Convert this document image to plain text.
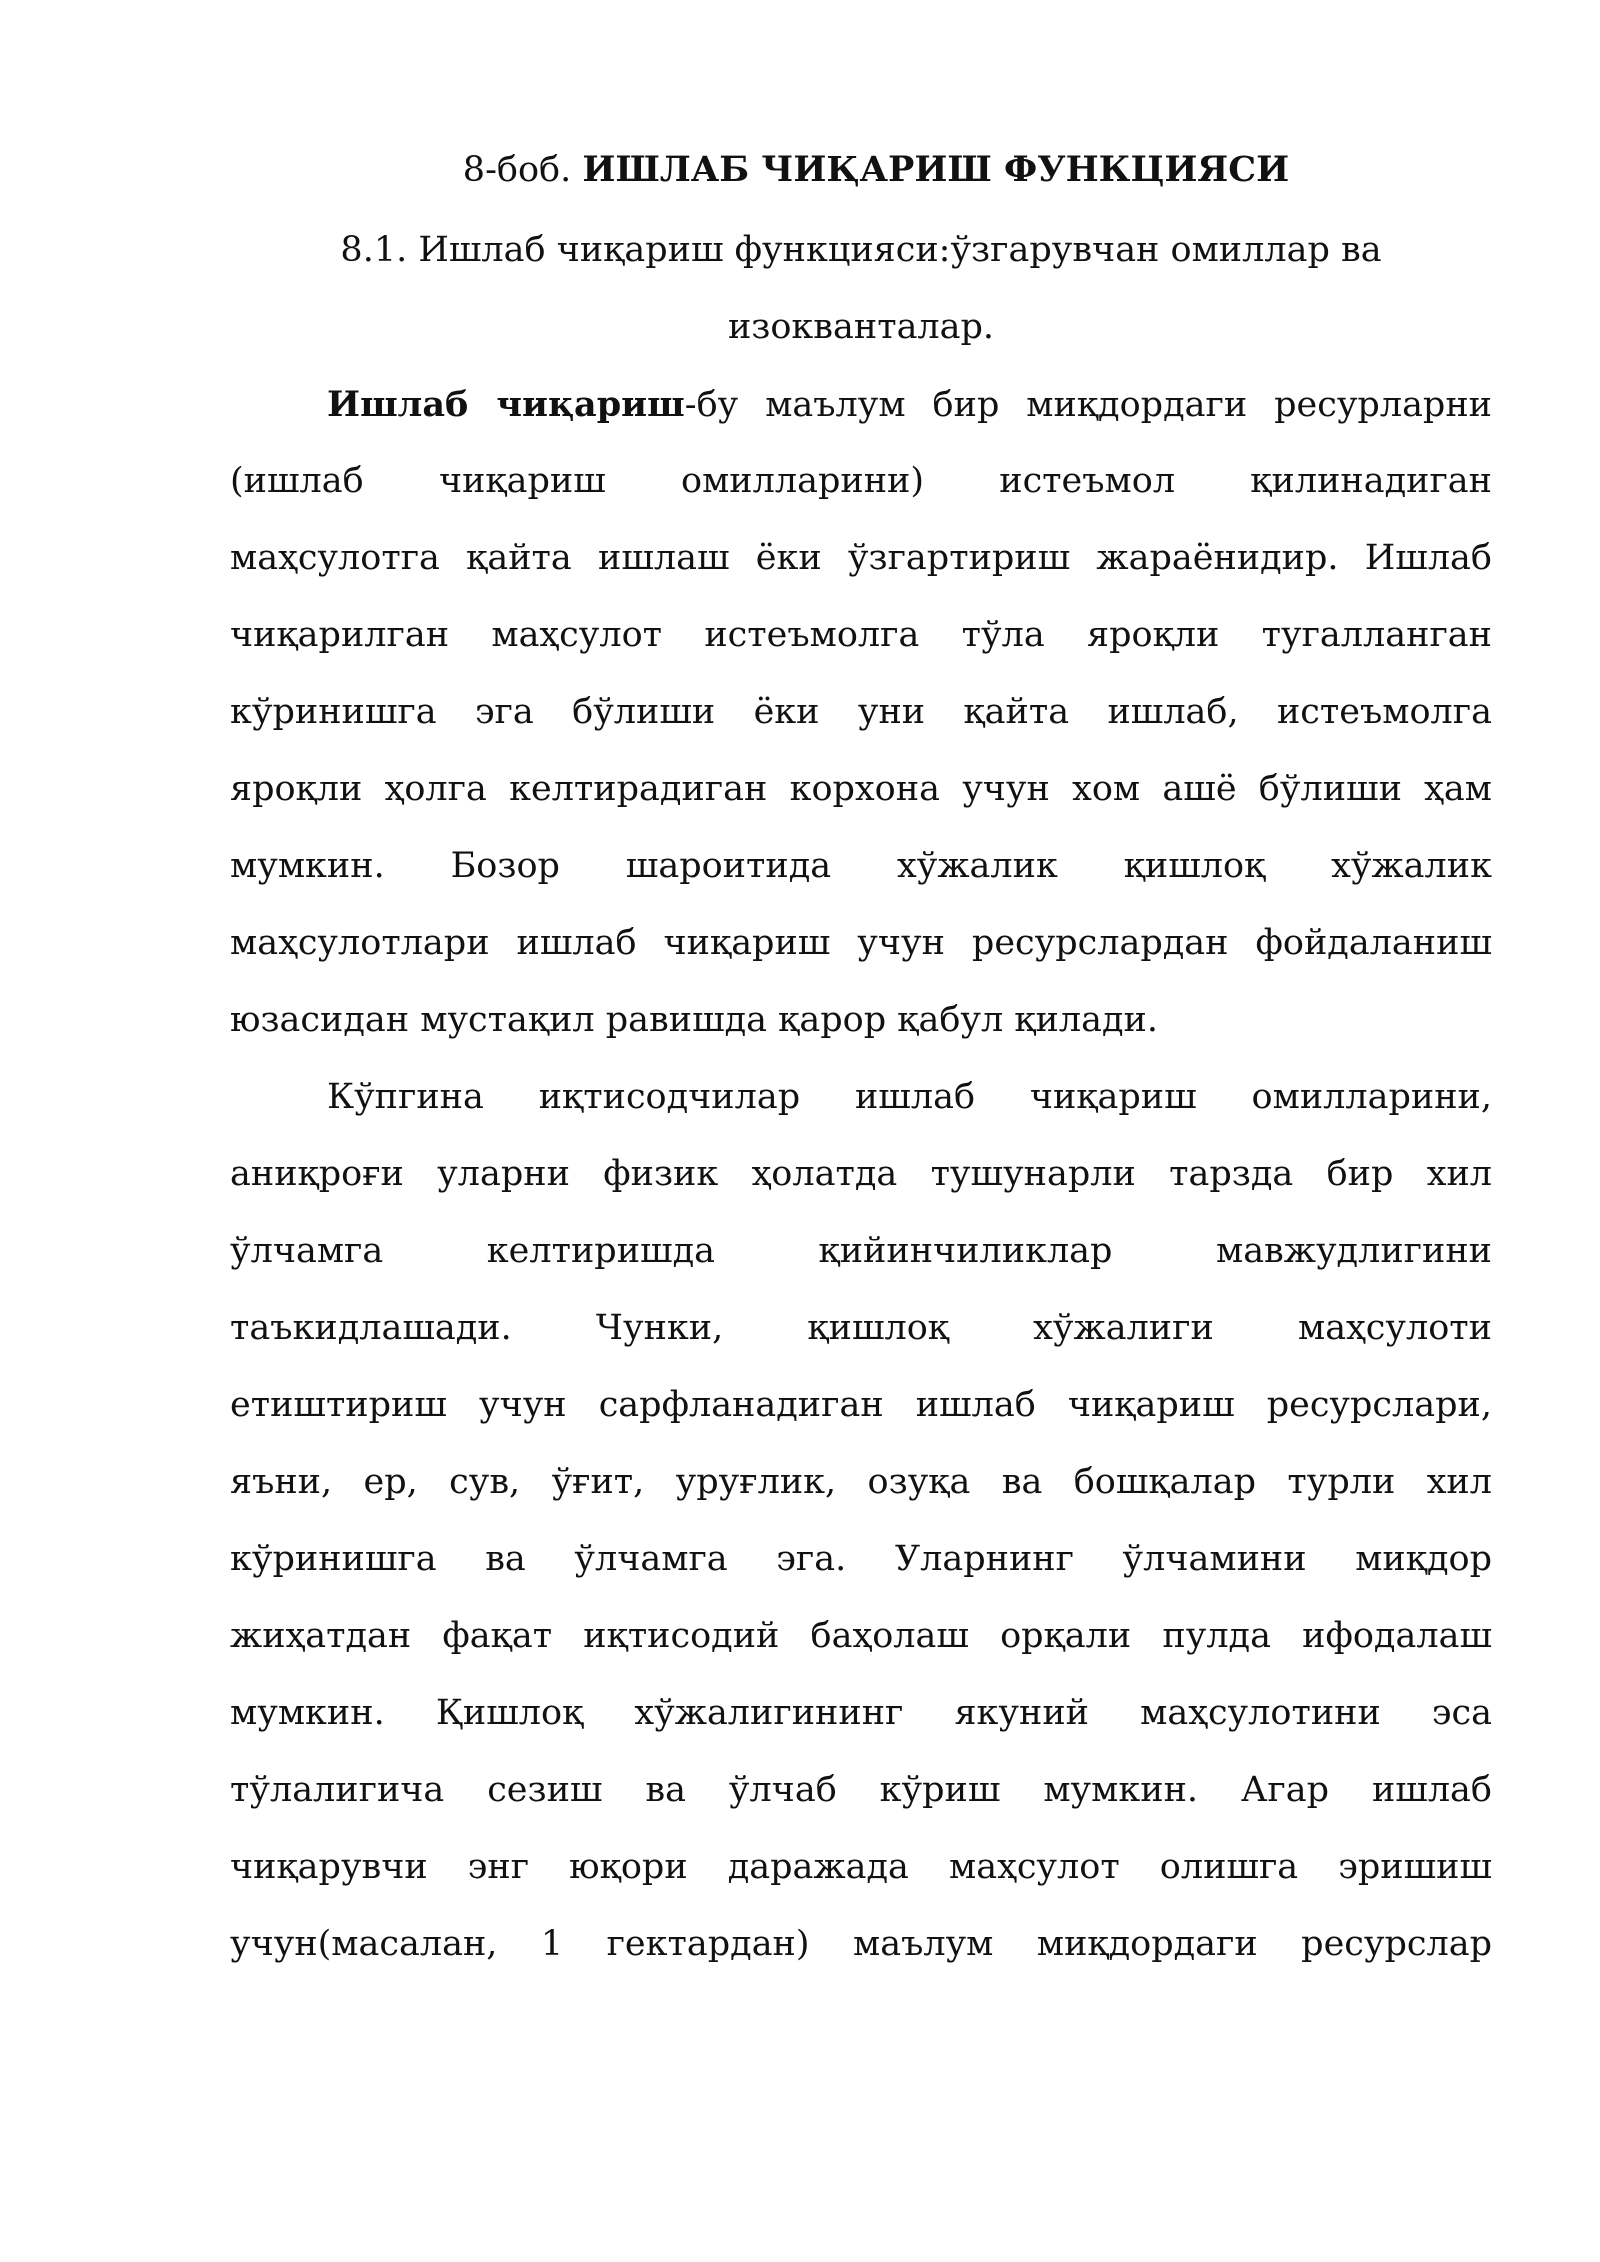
8-боб. ИШЛАБ ЧИҚАРИШ ФУНКЦИЯСИ
8.1. Ишлаб чиқариш функцияси:ўзгарувчан омиллар ва
изокванталар.
Ишлаб чиқариш-бу маълум бир миқдордаги ресурларни
(ишлаб чиқариш омилларини) истеъмол қилинадиган
маҳсулотга қайта ишлаш ёки ўзгартириш жараёнидир. Ишлаб
чиқарилган маҳсулот истеъмолга тўла яроқли тугалланган
кўринишга эга бўлиши ёки уни қайта ишлаб, истеъмолга
яроқли ҳолга келтирадиган корхона учун хом ашё бўлиши ҳам
мумкин. Бозор шароитида хўжалик қишлоқ хўжалик
маҳсулотлари ишлаб чиқариш учун ресурслардан фойдаланиш
юзасидан мустақил равишда қарор қабул қилади.
Кўпгина иқтисодчилар ишлаб чиқариш омилларини,
аниқроғи уларни физик ҳолатда тушунарли тарзда бир хил
ўлчамга келтиришда қийинчиликлар мавжудлигини
таъкидлашади. Чунки, қишлоқ хўжалиги маҳсулоти
етиштириш учун сарфланадиган ишлаб чиқариш ресурслари,
яъни, ер, сув, ўғит, уруғлик, озуқа ва бошқалар турли хил
кўринишга ва ўлчамга эга. Уларнинг ўлчамини миқдор
жиҳатдан фақат иқтисодий баҳолаш орқали пулда ифодалаш
мумкин. Қишлоқ хўжалигининг якуний маҳсулотини эса
тўлалигича сезиш ва ўлчаб кўриш мумкин. Агар ишлаб
чиқарувчи энг юқори даражада маҳсулот олишга эришиш
учун(масалан, 1 гектардан) маълум миқдордаги ресурслар
